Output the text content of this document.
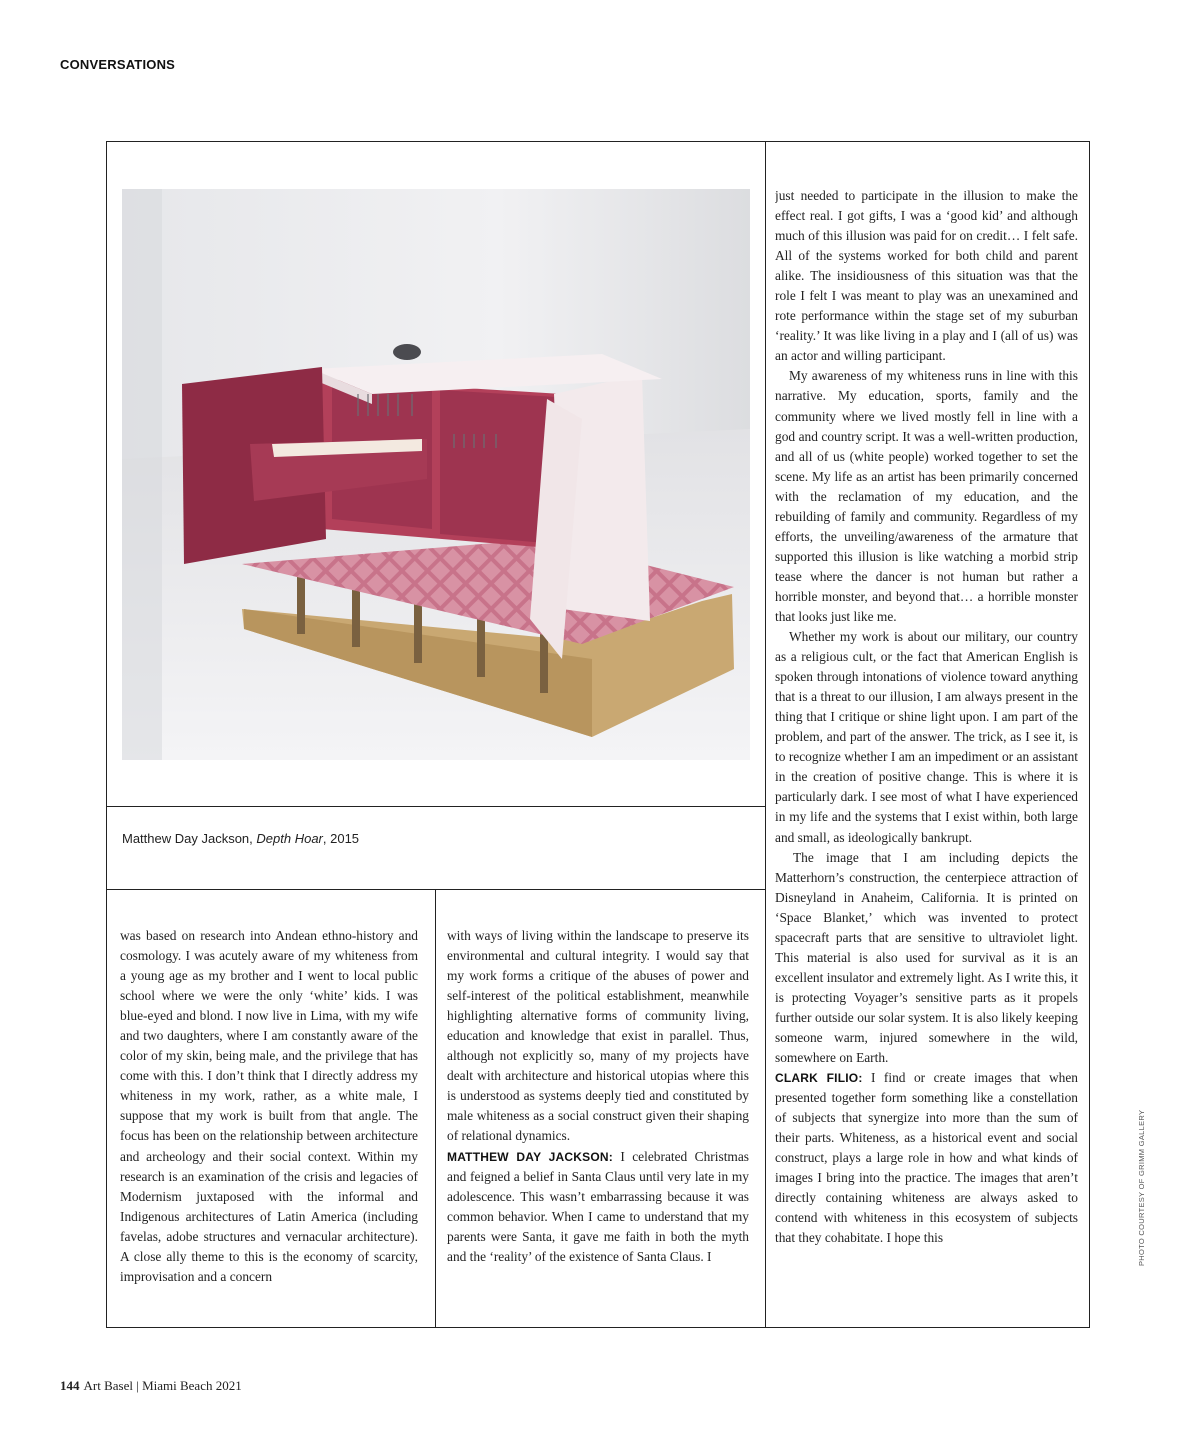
CONVERSATIONS
Matthew Day Jackson, Depth Hoar, 2015

was based on research into Andean ethno-history and cosmology. I was acutely aware of my whiteness from a young age as my brother and I went to local public school where we were the only ‘white’ kids. I was blue-eyed and blond. I now live in Lima, with my wife and two daughters, where I am constantly aware of the color of my skin, being male, and the privilege that has come with this. I don’t think that I directly address my whiteness in my work, rather, as a white male, I suppose that my work is built from that angle. The focus has been on the relationship between architecture and archeology and their social context. Within my research is an examination of the crisis and legacies of Modernism juxtaposed with the informal and Indigenous architectures of Latin America (including favelas, adobe structures and vernacular architecture). A close ally theme to this is the economy of scarcity, improvisation and a concern

with ways of living within the landscape to preserve its environmental and cultural integrity. I would say that my work forms a critique of the abuses of power and self-interest of the political establishment, meanwhile highlighting alternative forms of community living, education and knowledge that exist in parallel. Thus, although not explicitly so, many of my projects have dealt with architecture and historical utopias where this is understood as systems deeply tied and constituted by male whiteness as a social construct given their shaping of relational dynamics.

MATTHEW DAY JACKSON: I celebrated Christmas and feigned a belief in Santa Claus until very late in my adolescence. This wasn’t embarrassing because it was common behavior. When I came to understand that my parents were Santa, it gave me faith in both the myth and the ‘reality’ of the existence of Santa Claus. I

just needed to participate in the illusion to make the effect real. I got gifts, I was a ‘good kid’ and although much of this illusion was paid for on credit… I felt safe. All of the systems worked for both child and parent alike. The insidiousness of this situation was that the role I felt I was meant to play was an unexamined and rote performance within the stage set of my suburban ‘reality.’ It was like living in a play and I (all of us) was an actor and willing participant.

My awareness of my whiteness runs in line with this narrative. My education, sports, family and the community where we lived mostly fell in line with a god and country script. It was a well-written production, and all of us (white people) worked together to set the scene. My life as an artist has been primarily concerned with the reclamation of my education, and the rebuilding of family and community. Regardless of my efforts, the unveiling/awareness of the armature that supported this illusion is like watching a morbid strip tease where the dancer is not human but rather a horrible monster, and beyond that… a horrible monster that looks just like me.

Whether my work is about our military, our country as a religious cult, or the fact that American English is spoken through intonations of violence toward anything that is a threat to our illusion, I am always present in the thing that I critique or shine light upon. I am part of the problem, and part of the answer. The trick, as I see it, is to recognize whether I am an impediment or an assistant in the creation of positive change. This is where it is particularly dark. I see most of what I have experienced in my life and the systems that I exist within, both large and small, as ideologically bankrupt.

The image that I am including depicts the Matterhorn’s construction, the centerpiece attraction of Disneyland in Anaheim, California. It is printed on ‘Space Blanket,’ which was invented to protect spacecraft parts that are sensitive to ultraviolet light. This material is also used for survival as it is an excellent insulator and extremely light. As I write this, it is protecting Voyager’s sensitive parts as it propels further outside our solar system. It is also likely keeping someone warm, injured somewhere in the wild, somewhere on Earth.

CLARK FILIO: I find or create images that when presented together form something like a constellation of subjects that synergize into more than the sum of their parts. Whiteness, as a historical event and social construct, plays a large role in how and what kinds of images I bring into the practice. The images that aren’t directly containing whiteness are always asked to contend with whiteness in this ecosystem of subjects that they cohabitate. I hope this	PHOTO COURTESY OF GRIMM GALLERY
144 Art Basel | Miami Beach 2021
